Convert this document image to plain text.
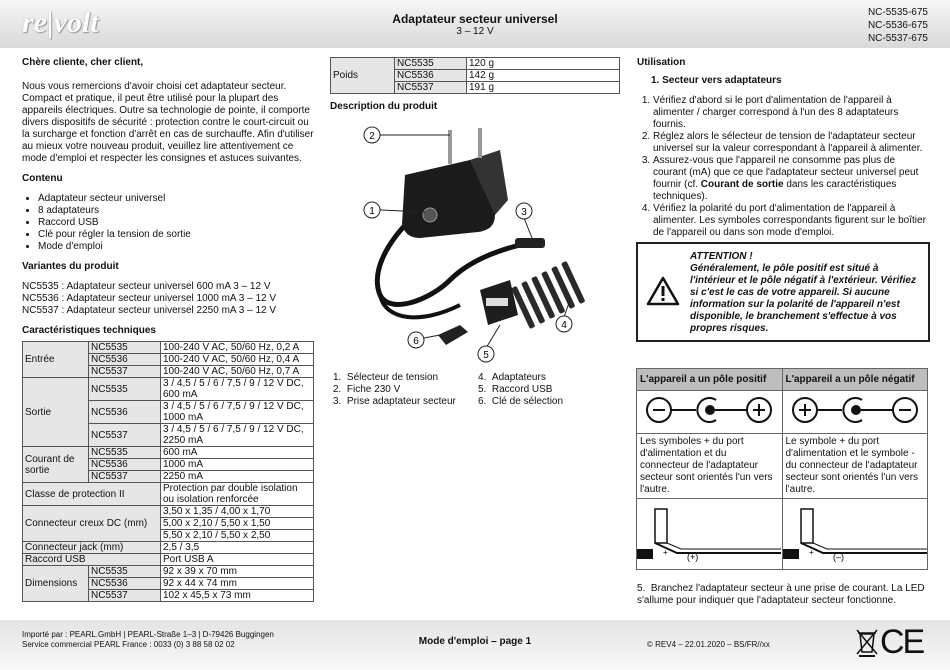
re|volt	Adaptateur secteur universel
3 – 12 V
NC-5535-675
NC-5536-675
NC-5537-675

Chère cliente, cher client,

Nous vous remercions d'avoir choisi cet adaptateur secteur. Compact et pratique, il peut être utilisé pour la plupart des appareils électriques. Outre sa technologie de pointe, il comporte divers dispositifs de sécurité : protection contre le court-circuit ou la surcharge et fonction d'arrêt en cas de surchauffe. Afin d'utiliser au mieux votre nouveau produit, veuillez lire attentivement ce mode d'emploi et respecter les consignes et astuces suivantes.

Contenu

• Adaptateur secteur universel
• 8 adaptateurs
• Raccord USB
• Clé pour régler la tension de sortie
• Mode d'emploi

Variantes du produit

NC5535 : Adaptateur secteur universel 600 mA 3 – 12 V
NC5536 : Adaptateur secteur universel 1000 mA 3 – 12 V
NC5537 : Adaptateur secteur universel 2250 mA 3 – 12 V

Caractéristiques techniques

Entrée	NC5535	100-240 V AC, 50/60 Hz, 0,2 A
	NC5536	100-240 V AC, 50/60 Hz, 0,4 A
	NC5537	100-240 V AC, 50/60 Hz, 0,7 A
Sortie	NC5535	3 / 4,5 / 5 / 6 / 7,5 / 9 / 12 V DC, 600 mA
	NC5536	3 / 4,5 / 5 / 6 / 7,5 / 9 / 12 V DC, 1000 mA
	NC5537	3 / 4,5 / 5 / 6 / 7,5 / 9 / 12 V DC, 2250 mA
Courant de sortie	NC5535	600 mA
	NC5536	1000 mA
	NC5537	2250 mA
Classe de protection II		Protection par double isolation ou isolation renforcée
Connecteur creux DC (mm)		3,50 x 1,35 / 4,00 x 1,70
		5,00 x 2,10 / 5,50 x 1,50
		5,50 x 2,10 / 5,50 x 2,50
Connecteur jack (mm)		2,5 / 3,5
Raccord USB		Port USB A
Dimensions	NC5535	92 x 39 x 70 mm
	NC5536	92 x 44 x 74 mm
	NC5537	102 x 45,5 x 73 mm
Poids	NC5535	120 g
	NC5536	142 g
	NC5537	191 g

Description du produit

2
1	3
4
5
6
1.  Sélecteur de tension
2.  Fiche 230 V
3.  Prise adaptateur secteur
4.  Adaptateurs
5.  Raccord USB
6.  Clé de sélection

Utilisation

1. Secteur vers adaptateurs

1. Vérifiez d'abord si le port d'alimentation de l'appareil à alimenter / charger correspond à l'un des 8 adaptateurs fournis.
2. Réglez alors le sélecteur de tension de l'adaptateur secteur universel sur la valeur correspondant à l'appareil à alimenter.
3. Assurez-vous que l'appareil ne consomme pas plus de courant (mA) que ce que l'adaptateur secteur universel peut fournir (cf. Courant de sortie dans les caractéristiques techniques).
4. Vérifiez la polarité du port d'alimentation de l'appareil à alimenter. Les symboles correspondants figurent sur le boîtier de l'appareil ou dans son mode d'emploi.
ATTENTION !
Généralement, le pôle positif est situé à l'intérieur et le pôle négatif à l'extérieur. Vérifiez si c'est le cas de votre appareil. Si aucune information sur la polarité de l'appareil n'est disponible, le branchement s'effectue à vos propres risques.
L'appareil a un pôle positif	L'appareil a un pôle négatif

Les symboles + du port d'alimentation et du connecteur de l'adaptateur secteur sont orientés l'un vers l'autre.	Le symbole + du port d'alimentation et le symbole - du connecteur de l'adaptateur secteur sont orientés l'un vers l'autre.

+ (+)	+ (–)
5.  Branchez l'adaptateur secteur à une prise de courant. La LED s'allume pour indiquer que l'adaptateur secteur fonctionne.
Importé par : PEARL.GmbH | PEARL-Straße 1–3 | D-79426 Buggingen
Service commercial PEARL France : 0033 (0) 3 88 58 02 02	Mode d'emploi – page 1	© REV4 – 22.01.2020 – BS/FR//xx	CE
